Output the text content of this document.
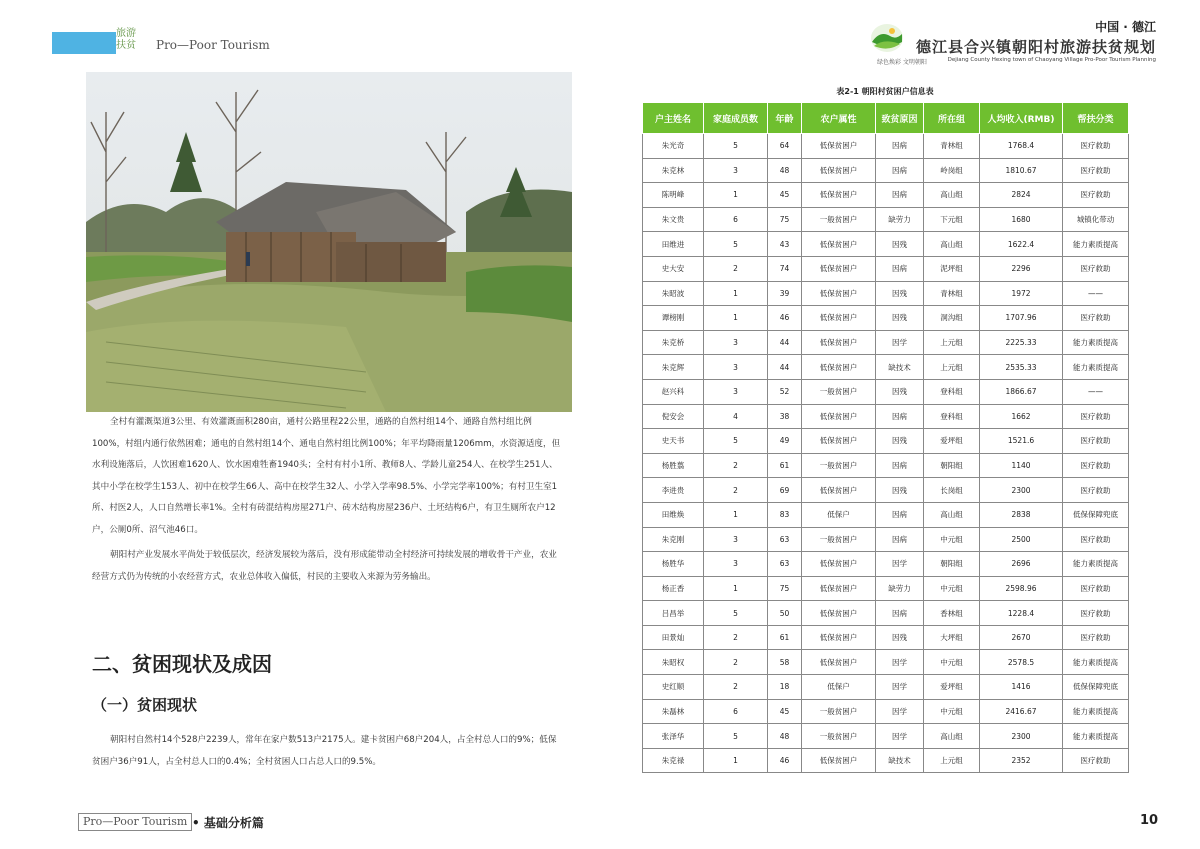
旅游
扶贫	Pro—Poor Tourism
中国 · 德江
德江县合兴镇朝阳村旅游扶贫规划
绿色焕彩 文明朝阳	Dejiang County Hexing town of Chaoyang Village Pro-Poor Tourism Planning

全村有灌溉渠道3公里、有效灌溉面积280亩，通村公路里程22公里，通路的自然村组14个、通路自然村组比例100%，村组内通行依然困难；通电的自然村组14个、通电自然村组比例100%；年平均降雨量1206mm，水资源适度，但水利设施落后，人饮困难1620人、饮水困难牲畜1940头；全村有村小1所、教师8人、学龄儿童254人、在校学生251人、其中小学在校学生153人、初中在校学生66人、高中在校学生32人、小学入学率98.5%、小学完学率100%；有村卫生室1所、村医2人，人口自然增长率1%。全村有砖混结构房屋271户、砖木结构房屋236户、土坯结构6户，有卫生厕所农户12户，公厕0所、沼气池46口。

朝阳村产业发展水平尚处于较低层次，经济发展较为落后，没有形成能带动全村经济可持续发展的增收骨干产业，农业经营方式仍为传统的小农经营方式，农业总体收入偏低，村民的主要收入来源为劳务输出。

二、贫困现状及成因
（一）贫困现状

朝阳村自然村14个528户2239人，常年在家户数513户2175人。建卡贫困户68户204人，占全村总人口的9%；低保贫困户36户91人，占全村总人口的0.4%；全村贫困人口占总人口的9.5%。

表2-1 朝阳村贫困户信息表
户主姓名	家庭成员数	年龄	农户属性	致贫原因	所在组	人均收入(RMB)	帮扶分类
朱光奇	5	64	低保贫困户	因病	青林组	1768.4	医疗救助
朱克林	3	48	低保贫困户	因病	岭岗组	1810.67	医疗救助
陈明峰	1	45	低保贫困户	因病	高山组	2824	医疗救助
朱文贵	6	75	一般贫困户	缺劳力	下元组	1680	城镇化带动
田维进	5	43	低保贫困户	因残	高山组	1622.4	能力素质提高
史大安	2	74	低保贫困户	因病	泥坪组	2296	医疗救助
朱昭波	1	39	低保贫困户	因残	青林组	1972	——
谭榜刚	1	46	低保贫困户	因残	洞沟组	1707.96	医疗救助
朱克桥	3	44	低保贫困户	因学	上元组	2225.33	能力素质提高
朱克辉	3	44	低保贫困户	缺技术	上元组	2535.33	能力素质提高
赵兴科	3	52	一般贫困户	因残	登科组	1866.67	——
倪安会	4	38	低保贫困户	因病	登科组	1662	医疗救助
史天书	5	49	低保贫困户	因残	爱坪组	1521.6	医疗救助
杨胜翦	2	61	一般贫困户	因病	朝阳组	1140	医疗救助
李进贵	2	69	低保贫困户	因残	长岗组	2300	医疗救助
田维焕	1	83	低保户	因病	高山组	2838	低保保障兜底
朱克刚	3	63	一般贫困户	因病	中元组	2500	医疗救助
杨胜华	3	63	低保贫困户	因学	朝阳组	2696	能力素质提高
杨正香	1	75	低保贫困户	缺劳力	中元组	2598.96	医疗救助
吕昌举	5	50	低保贫困户	因病	香林组	1228.4	医疗救助
田景灿	2	61	低保贫困户	因残	大坪组	2670	医疗救助
朱昭权	2	58	低保贫困户	因学	中元组	2578.5	能力素质提高
史红顺	2	18	低保户	因学	爱坪组	1416	低保保障兜底
朱磊林	6	45	一般贫困户	因学	中元组	2416.67	能力素质提高
张泽华	5	48	一般贫困户	因学	高山组	2300	能力素质提高
朱克禄	1	46	低保贫困户	缺技术	上元组	2352	医疗救助
Pro—Poor Tourism • 基础分析篇	10
